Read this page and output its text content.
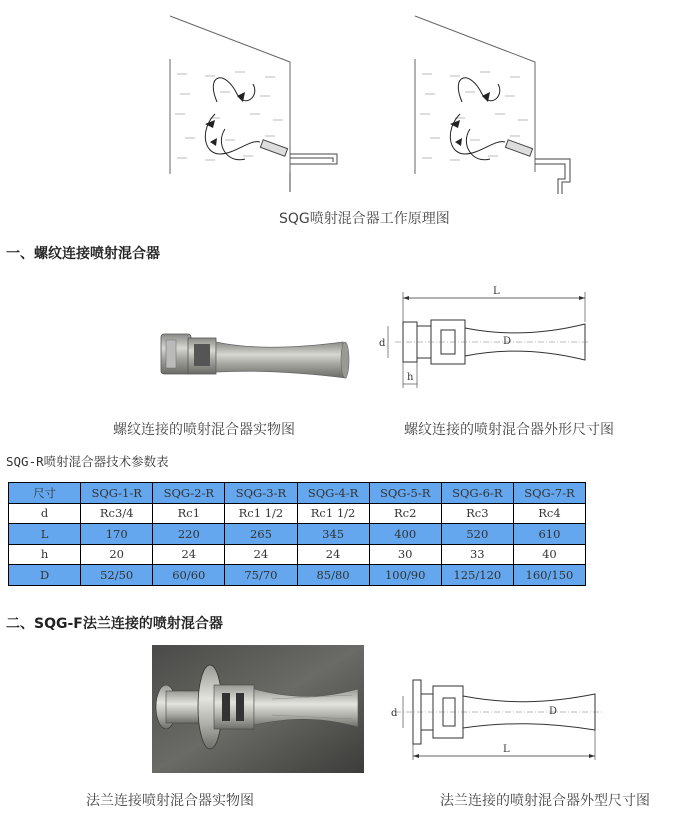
SQG喷射混合器工作原理图
一、螺纹连接喷射混合器
L
d	D
h
螺纹连接的喷射混合器实物图	螺纹连接的喷射混合器外形尺寸图
SQG-R喷射混合器技术参数表
尺寸	SQG-1-R	SQG-2-R	SQG-3-R	SQG-4-R	SQG-5-R	SQG-6-R	SQG-7-R
d	Rc3/4	Rc1	Rc1 1/2	Rc1 1/2	Rc2	Rc3	Rc4
L	170	220	265	345	400	520	610
h	20	24	24	24	30	33	40
D	52/50	60/60	75/70	85/80	100/90	125/120	160/150
二、SQG-F法兰连接的喷射混合器
d	D
L
法兰连接喷射混合器实物图	法兰连接的喷射混合器外型尺寸图
